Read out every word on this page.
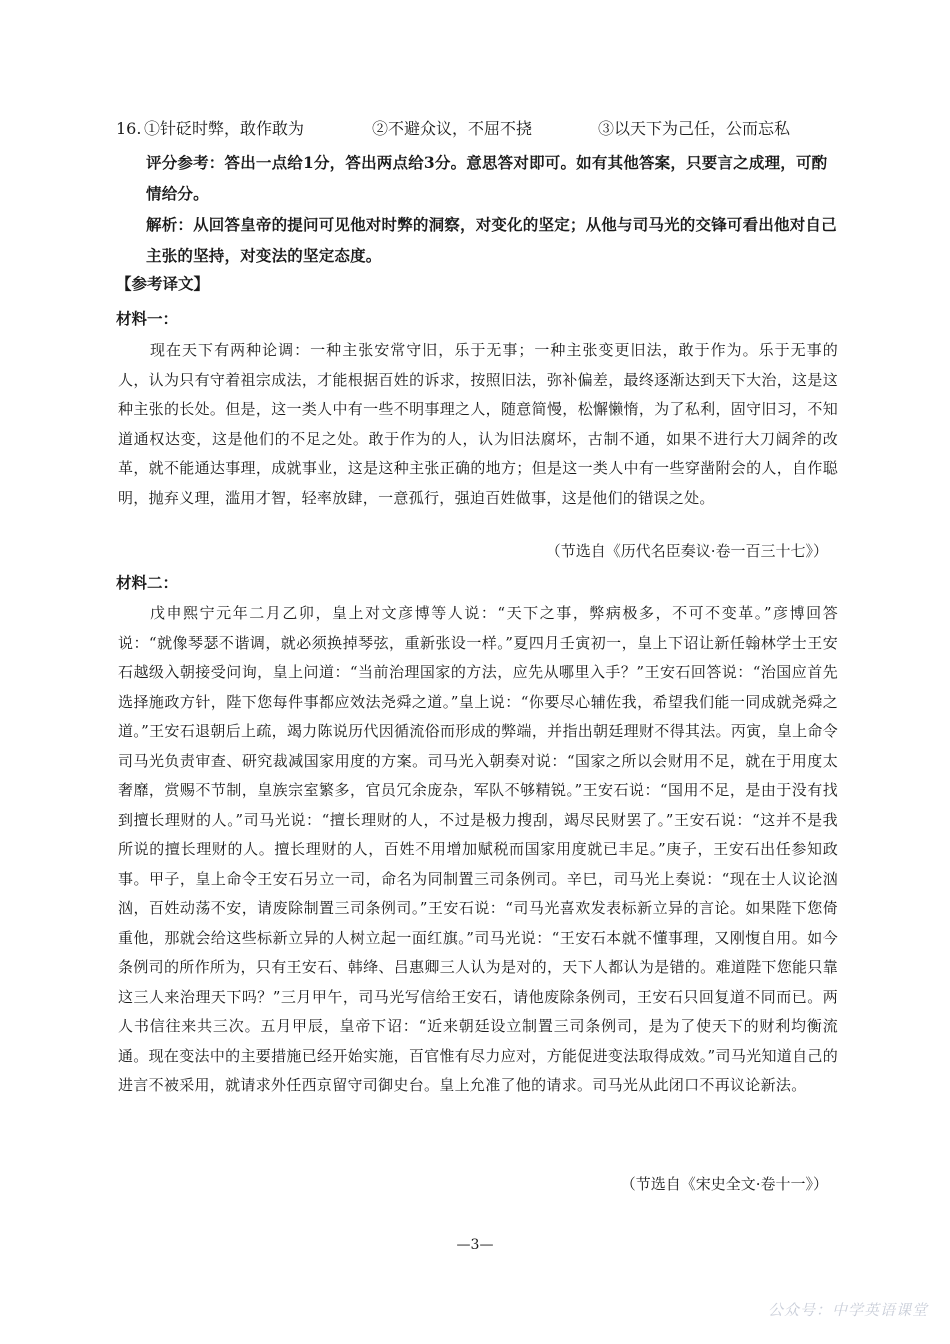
16. ①针砭时弊，敢作敢为	②不避众议，不屈不挠	③以天下为己任，公而忘私
评分参考：答出一点给1分，答出两点给3分。意思答对即可。如有其他答案，只要言之成理，可酌情给分。
解析：从回答皇帝的提问可见他对时弊的洞察，对变化的坚定；从他与司马光的交锋可看出他对自己主张的坚持，对变法的坚定态度。
【参考译文】
材料一：
现在天下有两种论调：一种主张安常守旧，乐于无事；一种主张变更旧法，敢于作为。乐于无事的人，认为只有守着祖宗成法，才能根据百姓的诉求，按照旧法，弥补偏差，最终逐渐达到天下大治，这是这种主张的长处。但是，这一类人中有一些不明事理之人，随意简慢，松懈懒惰，为了私利，固守旧习，不知道通权达变，这是他们的不足之处。敢于作为的人，认为旧法腐坏，古制不通，如果不进行大刀阔斧的改革，就不能通达事理，成就事业，这是这种主张正确的地方；但是这一类人中有一些穿凿附会的人，自作聪明，抛弃义理，滥用才智，轻率放肆，一意孤行，强迫百姓做事，这是他们的错误之处。
（节选自《历代名臣奏议·卷一百三十七》）
材料二：
戊申熙宁元年二月乙卯，皇上对文彦博等人说：“天下之事，弊病极多，不可不变革。”彦博回答说：“就像琴瑟不谐调，就必须换掉琴弦，重新张设一样。”夏四月壬寅初一，皇上下诏让新任翰林学士王安石越级入朝接受问询，皇上问道：“当前治理国家的方法，应先从哪里入手？”王安石回答说：“治国应首先选择施政方针，陛下您每件事都应效法尧舜之道。”皇上说：“你要尽心辅佐我，希望我们能一同成就尧舜之道。”王安石退朝后上疏，竭力陈说历代因循流俗而形成的弊端，并指出朝廷理财不得其法。丙寅，皇上命令司马光负责审查、研究裁减国家用度的方案。司马光入朝奏对说：“国家之所以会财用不足，就在于用度太奢靡，赏赐不节制，皇族宗室繁多，官员冗余庞杂，军队不够精锐。”王安石说：“国用不足，是由于没有找到擅长理财的人。”司马光说：“擅长理财的人，不过是极力搜刮，竭尽民财罢了。”王安石说：“这并不是我所说的擅长理财的人。擅长理财的人，百姓不用增加赋税而国家用度就已丰足。”庚子，王安石出任参知政事。甲子，皇上命令王安石另立一司，命名为同制置三司条例司。辛巳，司马光上奏说：“现在士人议论汹汹，百姓动荡不安，请废除制置三司条例司。”王安石说：“司马光喜欢发表标新立异的言论。如果陛下您倚重他，那就会给这些标新立异的人树立起一面红旗。”司马光说：“王安石本就不懂事理，又刚愎自用。如今条例司的所作所为，只有王安石、韩绛、吕惠卿三人认为是对的，天下人都认为是错的。难道陛下您能只靠这三人来治理天下吗？”三月甲午，司马光写信给王安石，请他废除条例司，王安石只回复道不同而已。两人书信往来共三次。五月甲辰，皇帝下诏：“近来朝廷设立制置三司条例司，是为了使天下的财利均衡流通。现在变法中的主要措施已经开始实施，百官惟有尽力应对，方能促进变法取得成效。”司马光知道自己的进言不被采用，就请求外任西京留守司御史台。皇上允准了他的请求。司马光从此闭口不再议论新法。
（节选自《宋史全文·卷十一》）
—3—
公众号：中学英语课堂
